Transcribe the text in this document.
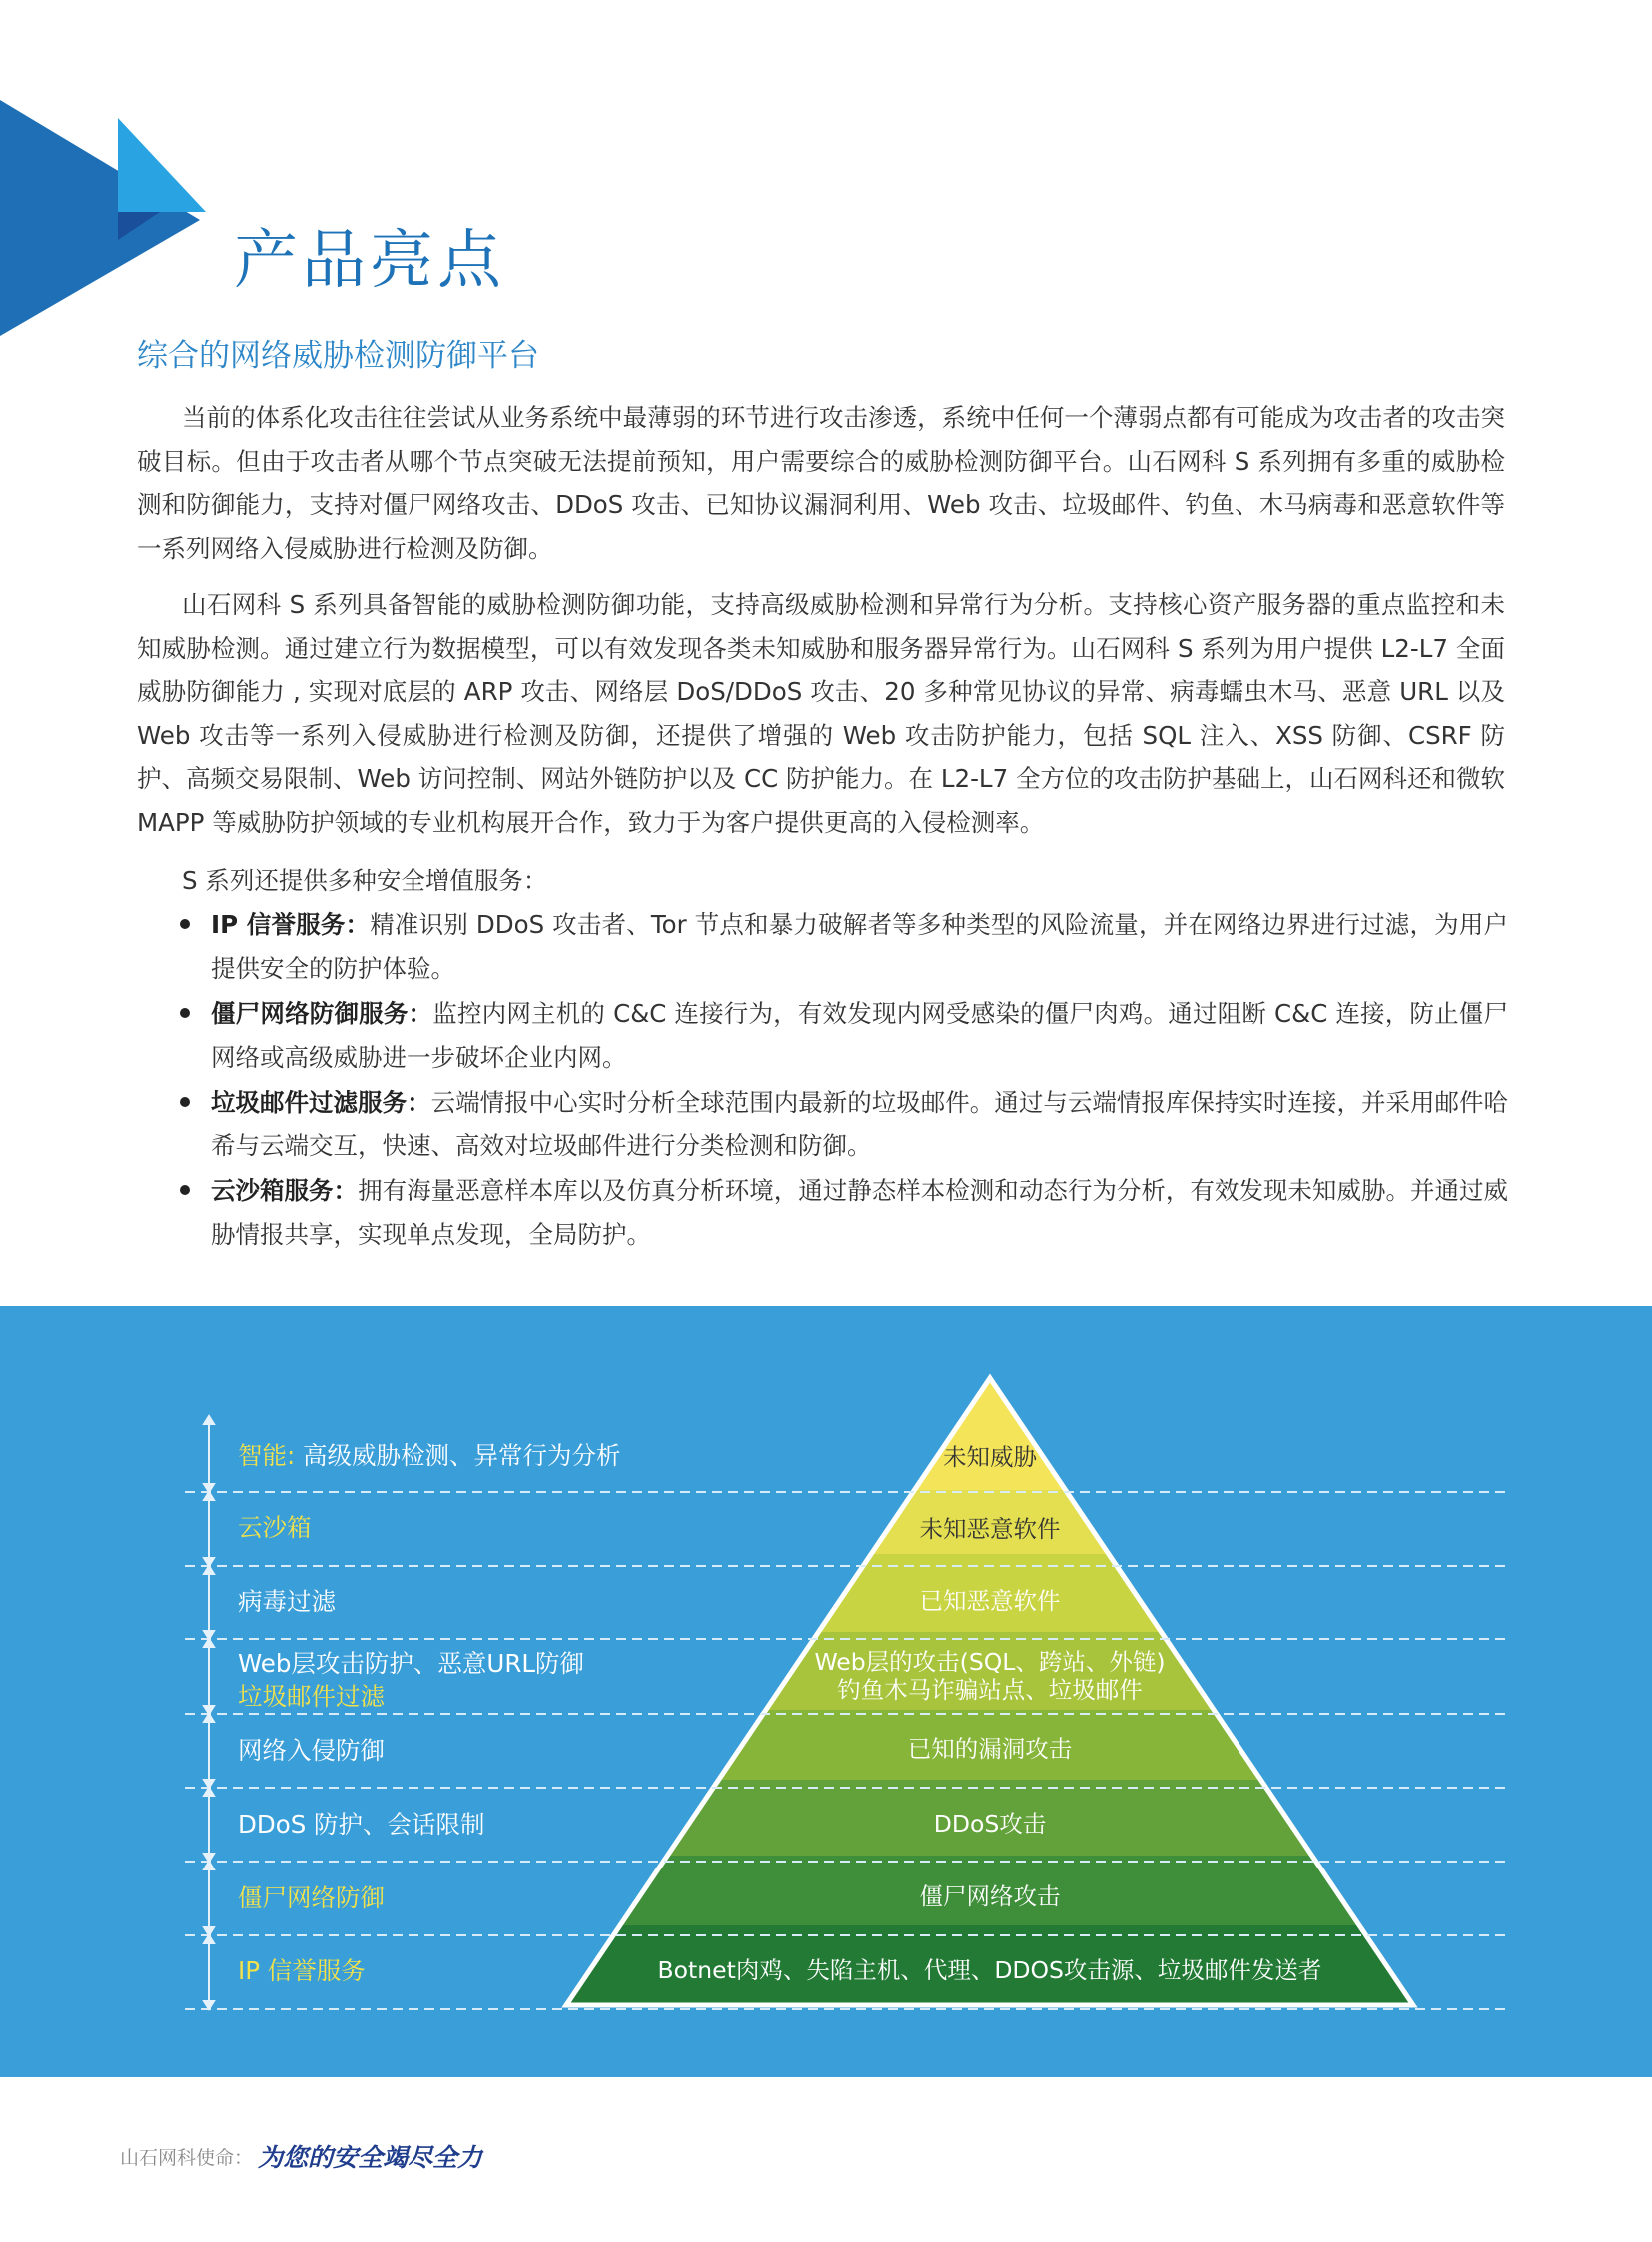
产品亮点
综合的网络威胁检测防御平台

当前的体系化攻击往往尝试从业务系统中最薄弱的环节进行攻击渗透，系统中任何一个薄弱点都有可能成为攻击者的攻击突破目标。但由于攻击者从哪个节点突破无法提前预知，用户需要综合的威胁检测防御平台。山石网科 S 系列拥有多重的威胁检测和防御能力，支持对僵尸网络攻击、DDoS 攻击、已知协议漏洞利用、Web 攻击、垃圾邮件、钓鱼、木马病毒和恶意软件等一系列网络入侵威胁进行检测及防御。

山石网科 S 系列具备智能的威胁检测防御功能，支持高级威胁检测和异常行为分析。支持核心资产服务器的重点监控和未知威胁检测。通过建立行为数据模型，可以有效发现各类未知威胁和服务器异常行为。山石网科 S 系列为用户提供 L2-L7 全面威胁防御能力 , 实现对底层的 ARP 攻击、网络层 DoS/DDoS 攻击、20 多种常见协议的异常、病毒蠕虫木马、恶意 URL 以及 Web 攻击等一系列入侵威胁进行检测及防御，还提供了增强的 Web 攻击防护能力，包括 SQL 注入、XSS 防御、CSRF 防护、高频交易限制、Web 访问控制、网站外链防护以及 CC 防护能力。在 L2-L7 全方位的攻击防护基础上，山石网科还和微软 MAPP 等威胁防护领域的专业机构展开合作，致力于为客户提供更高的入侵检测率。

S 系列还提供多种安全增值服务：
IP 信誉服务：精准识别 DDoS 攻击者、Tor 节点和暴力破解者等多种类型的风险流量，并在网络边界进行过滤，为用户提供安全的防护体验。
僵尸网络防御服务：监控内网主机的 C&C 连接行为，有效发现内网受感染的僵尸肉鸡。通过阻断 C&C 连接，防止僵尸网络或高级威胁进一步破坏企业内网。
垃圾邮件过滤服务：云端情报中心实时分析全球范围内最新的垃圾邮件。通过与云端情报库保持实时连接，并采用邮件哈希与云端交互，快速、高效对垃圾邮件进行分类检测和防御。
云沙箱服务：拥有海量恶意样本库以及仿真分析环境，通过静态样本检测和动态行为分析，有效发现未知威胁。并通过威胁情报共享，实现单点发现，全局防护。
智能: 高级威胁检测、异常行为分析
云沙箱
病毒过滤
Web层攻击防护、恶意URL防御
垃圾邮件过滤
网络入侵防御
DDoS 防护、会话限制
僵尸网络防御
IP 信誉服务
未知威胁
未知恶意软件
已知恶意软件
Web层的攻击(SQL、跨站、外链)
钓鱼木马诈骗站点、垃圾邮件
已知的漏洞攻击
DDoS攻击
僵尸网络攻击
Botnet肉鸡、失陷主机、代理、DDOS攻击源、垃圾邮件发送者
山石网科使命： 为您的安全竭尽全力
